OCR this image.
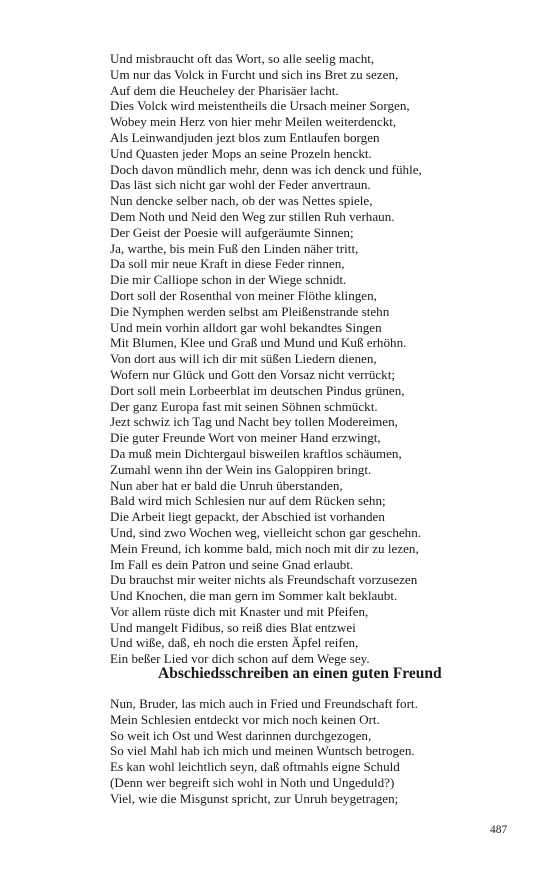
Und misbraucht oft das Wort, so alle seelig macht,
Um nur das Volck in Furcht und sich ins Bret zu sezen,
Auf dem die Heucheley der Pharisäer lacht.
Dies Volck wird meistentheils die Ursach meiner Sorgen,
Wobey mein Herz von hier mehr Meilen weiterdenckt,
Als Leinwandjuden jezt blos zum Entlaufen borgen
Und Quasten jeder Mops an seine Prozeln henckt.
Doch davon mündlich mehr, denn was ich denck und fühle,
Das läst sich nicht gar wohl der Feder anvertraun.
Nun dencke selber nach, ob der was Nettes spiele,
Dem Noth und Neid den Weg zur stillen Ruh verhaun.
Der Geist der Poesie will aufgeräumte Sinnen;
Ja, warthe, bis mein Fuß den Linden näher tritt,
Da soll mir neue Kraft in diese Feder rinnen,
Die mir Calliope schon in der Wiege schnidt.
Dort soll der Rosenthal von meiner Flöthe klingen,
Die Nymphen werden selbst am Pleißenstrande stehn
Und mein vorhin alldort gar wohl bekandtes Singen
Mit Blumen, Klee und Graß und Mund und Kuß erhöhn.
Von dort aus will ich dir mit süßen Liedern dienen,
Wofern nur Glück und Gott den Vorsaz nicht verrückt;
Dort soll mein Lorbeerblat im deutschen Pindus grünen,
Der ganz Europa fast mit seinen Söhnen schmückt.
Jezt schwiz ich Tag und Nacht bey tollen Modereimen,
Die guter Freunde Wort von meiner Hand erzwingt,
Da muß mein Dichtergaul bisweilen kraftlos schäumen,
Zumahl wenn ihn der Wein ins Galoppiren bringt.
Nun aber hat er bald die Unruh überstanden,
Bald wird mich Schlesien nur auf dem Rücken sehn;
Die Arbeit liegt gepackt, der Abschied ist vorhanden
Und, sind zwo Wochen weg, vielleicht schon gar geschehn.
Mein Freund, ich komme bald, mich noch mit dir zu lezen,
Im Fall es dein Patron und seine Gnad erlaubt.
Du brauchst mir weiter nichts als Freundschaft vorzusezen
Und Knochen, die man gern im Sommer kalt beklaubt.
Vor allem rüste dich mit Knaster und mit Pfeifen,
Und mangelt Fidibus, so reiß dies Blat entzwei
Und wiße, daß, eh noch die ersten Äpfel reifen,
Ein beßer Lied vor dich schon auf dem Wege sey.
Abschiedsschreiben an einen guten Freund
Nun, Bruder, las mich auch in Fried und Freundschaft fort.
Mein Schlesien entdeckt vor mich noch keinen Ort.
So weit ich Ost und West darinnen durchgezogen,
So viel Mahl hab ich mich und meinen Wuntsch betrogen.
Es kan wohl leichtlich seyn, daß oftmahls eigne Schuld
(Denn wer begreift sich wohl in Noth und Ungeduld?)
Viel, wie die Misgunst spricht, zur Unruh beygetragen;
487
